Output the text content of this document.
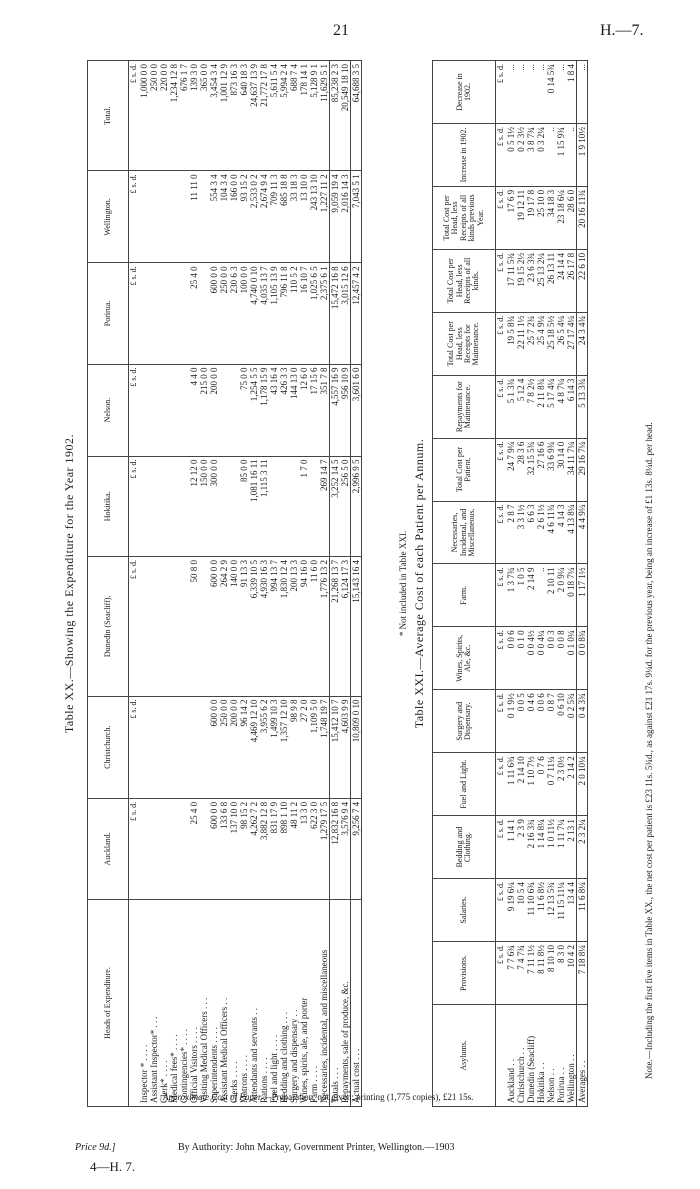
21	H.—7.
Table XX.—Showing the Expenditure for the Year 1902.
Heads of Expenditure.	Auckland.	Christchurch.	Dunedin (Seacliff).	Hokitika.	Nelson.	Porirua.	Wellington.	Total.
	£ s. d.	£ s. d.	£ s. d.	£ s. d.	£ s. d.	£ s. d.	£ s. d.	£ s. d.
Inspector * . . . .								1,000 0 0
Assistant Inspector* . . .								250 0 0
Clerk* . . . .								220 0 0
Medical fees* . . . .								1,234 12 8
Contingencies* . . . .								676 1 7
Official Visitors . . . .	25 4 0		50 8 0	12 12 0	4 4 0	25 4 0	11 11 0	139 3 0
Visiting Medical Officers . . .				150 0 0	215 0 0			365 0 0
Superintendents . . . .	600 0 0	600 0 0	600 0 0	300 0 0	200 0 0	600 0 0	554 3 4	3,454 3 4
Assistant Medical Officers . .	133 6 8	250 0 0	264 2 9			250 0 0	104 3 4	1,001 12 9
Clerks . . . .	137 10 0	200 0 0	140 0 0			230 6 3	166 0 0	873 16 3
Matrons . . . .	98 15 2	96 14 2	91 13 3	85 0 0	75 0 0	100 0 0	93 15 2	640 18 3
Attendants and servants . .	4,262 7 2	4,469 12 10	6,339 10 5	1,081 16 11	1,254 5 5	4,740 0 10	2,533 0 2	24,637 13 9
Rations . . . .	3,882 12 8	3,955 6 2	4,930 16 3	1,115 3 11	1,178 15 9	4,035 13 7	2,674 9 4	21,772 17 8
Fuel and light . . . .	831 17 9	1,499 10 3	994 13 7		43 16 4	1,105 13 9	709 11 3	5,611 5 4
Bedding and clothing . . .	898 1 10	1,357 12 10	1,830 12 4		426 3 3	796 11 8	685 18 8	5,994 2 4
Surgery and dispensary . .	48 11 2	98 9 8	200 13 3		144 13 0	110 5 2	33 18 3	688 7 4
Wines, spirits, ale, and porter	13 3 0	27 2 0	94 16 0	1 7 0	12 6 0	16 10 7	13 10 0	178 14 1
Farm . . . .	622 3 0	1,109 5 0	11 6 0		17 15 6	1,025 6 5	243 13 10	5,128 9 1
Necessaries, incidental, and miscellaneous	1,279 17 5	1,748 19 7	1,776 13 2	269 14 7	351 7 8	2,375 6 1	1,227 11 2	11,629 5 1
Totals . . .	12,832 16 8	15,412 10 7	21,268 13 7	3,252 14 5	4,557 16 9	15,472 16 8	9,059 19 4	85,238 2 3
Repayments, sale of produce, &c.	3,576 9 4	4,603 9 9	6,124 17 3	256 5 0	956 10 9	3,015 12 6	2,016 14 3	20,549 18 10
Actual cost . . .	9,256 7 4	10,809 0 10	15,143 16 4	2,996 9 5	3,601 6 0	12,457 4 2	7,043 5 1	64,688 3 5
* Not included in Table XXI. Table XXI.—Average Cost of each Patient per Annum.
Asylums.	Provisions.	Salaries.	Bedding and Clothing.	Fuel and Light.	Surgery and Dispensary.	Wines, Spirits, Ale, &c.	Farm.	Necessaries, Incidental, and Miscellaneous.	Total Cost per Patient.	Repayments for Maintenance.	Total Cost per Head, less Receipts for Maintenance.	Total Cost per Head, less Receipts of all kinds.	Total Cost per Head, less Receipts of all kinds previous Year.	Increase in 1902.	Decrease in 1902.
	£ s. d.	£ s. d.	£ s. d.	£ s. d.	£ s. d.	£ s. d.	£ s. d.	£ s. d.	£ s. d.	£ s. d.	£ s. d.	£ s. d.	£ s. d.	£ s. d.	£ s. d.
Auckland . .	7 7 6¾	9 19 6¼	1 14 1	1 11 6¾	0 1 9½	0 0 6	1 3 7¾	2 8 7	24 7 9¼	5 1 3¾	19 5 8¾	17 11 5¾	17 6 9	0 5 1½	...
Christchurch . .	7 4 7¾	10 5 4	2 3 9	2 14 10	0 0 5	0 1 0	1 0 5	3 3 1½	28 3 6	5 12 4	22 11 1½	19 15 2½	19 12 11	0 2 3½	...
Dunedin (Seacliff)	7 11 1½	11 10 6¾	2 16 3¾	1 10 7½	0 4 6	0 0 4½	2 14 9	6 6 3	32 15 5¾	7 8 2½	25 7 2¾	23 6 3¾	19 17 8	3 8 7¾	...
Hokitika . .	8 11 8½	11 6 8½	1 14 8¼	0 7 6	0 0 6	0 0 4¼	..	2 6 1½	27 16 6	2 11 8¾	25 4 9¼	25 13 2¼	25 10 0	0 3 2¼	...
Nelson . .	8 10 10	12 13 5¾	1 0 11½	0 7 11¼	0 8 7	0 0 3	2 10 11	4 6 11¾	33 6 9¾	5 17 4¼	25 18 5½	26 13 11	34 18 3	..	0 14 5¾
Porirua . .	8 3 0	11 15 11¼	1 11 7¼	2 3 0½	0 6 10	0 0 8	2 0 9¼	4 14 3	30 14 0	4 8 7¼	26 5 4¼	24 14 4	23 18 6¼	1 15 9¾	...
Wellington . .	10 4 2	13 4 4	2 13 1	2 14 2	0 2 5¾	0 1 0¼	0 18 7¼	4 13 8¼	34 11 7¼	6 14 3	27 17 4¼	26 17 8	28 6 0	..	1 8 4
Averages . .	7 18 8¼	11 6 8¼	2 3 2¼	2 0 10¼	0 4 3¾	0 0 8¾	1 17 1½	4 4 9¼	29 16 7¼	5 13 3¾	24 3 4¾	22 6 10	20 16 11¾	1 9 10½	...
Note.—Including the first five items in Table XX., the net cost per patient is £23 11s. 5¾d., as against £21 17s. 9¼d. for the previous year, being an increase of £1 13s. 8¼d. per head.
Approximate Cost of Paper.—Preparation, not given; printing (1,775 copies), £21 15s.
Price 9d.]	By Authority: John Mackay, Government Printer, Wellington.—1903
4—H. 7.
